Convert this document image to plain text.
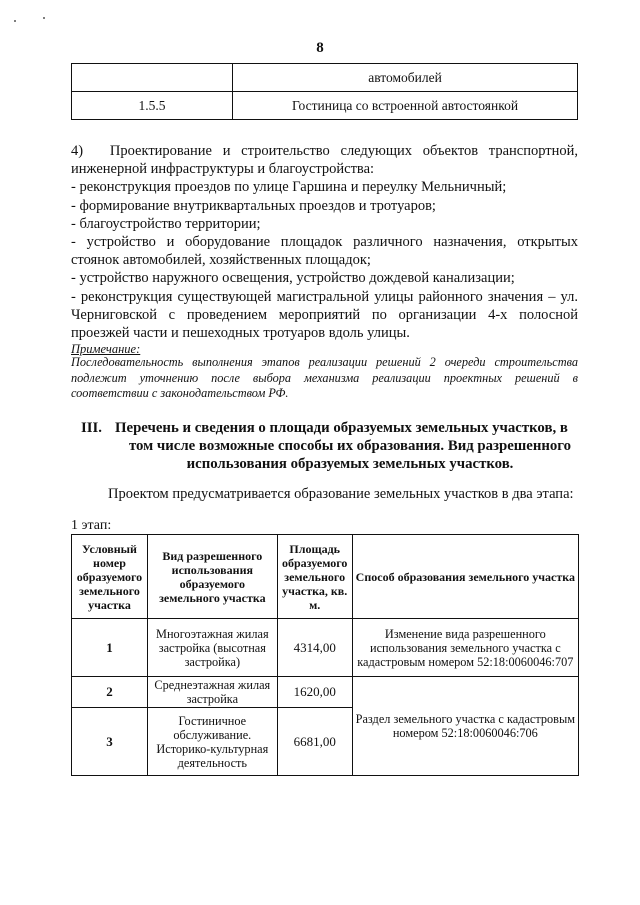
8
	автомобилей
1.5.5	Гостиница со встроенной автостоянкой
4)     Проектирование  и  строительство  следующих  объектов  транспортной,
инженерной инфраструктуры и благоустройства:
- реконструкция проездов по улице Гаршина и переулку Мельничный;
- формирование внутриквартальных проездов и тротуаров;
- благоустройство территории;
- устройство и оборудование площадок различного назначения, открытых
стоянок автомобилей, хозяйственных площадок;
- устройство наружного освещения, устройство дождевой канализации;
- реконструкция существующей магистральной улицы районного значения – ул.
Черниговской с проведением мероприятий по организации 4-х полосной
проезжей части и пешеходных тротуаров вдоль улицы.
Примечание:
Последовательность выполнения этапов реализации решений 2 очереди строительства
подлежит уточнению после выбора механизма реализации проектных решений в
соответствии с законодательством РФ.
III. Перечень и сведения о площади образуемых земельных участков, в
том числе возможные способы их образования. Вид разрешенного
использования образуемых земельных участков.
Проектом предусматривается образование земельных участков в два этапа:
1 этап:
Условный номер образуемого земельного участка	Вид разрешенного использования образуемого земельного участка	Площадь образуемого земельного участка, кв. м.	Способ образования земельного участка
1	Многоэтажная жилая застройка (высотная застройка)	4314,00	Изменение вида разрешенного использования земельного участка с кадастровым номером 52:18:0060046:707
2	Среднеэтажная жилая застройка	1620,00	Раздел земельного участка с кадастровым номером 52:18:0060046:706
3	Гостиничное обслуживание. Историко-культурная деятельность	6681,00	
